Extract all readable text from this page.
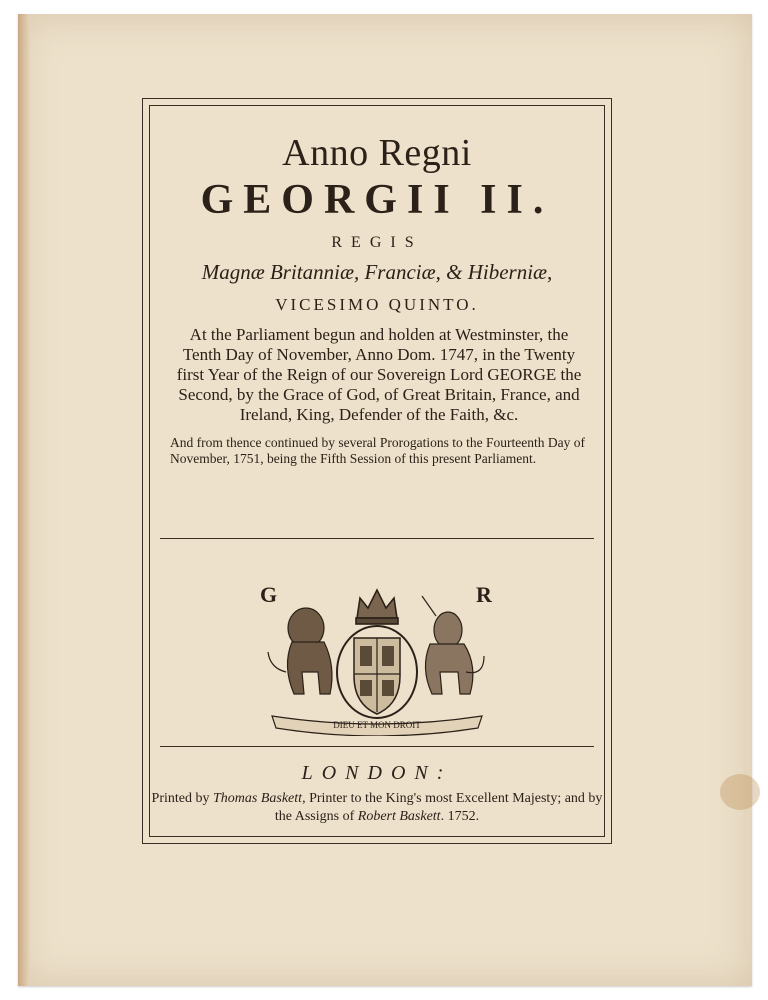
Anno Regni
GEORGII II.
REGIS
Magnæ Britanniæ, Franciæ, & Hiberniæ,
VICESIMO QUINTO.
At the Parliament begun and holden at Westminster, the Tenth Day of November, Anno Dom. 1747, in the Twenty first Year of the Reign of our Sovereign Lord GEORGE the Second, by the Grace of God, of Great Britain, France, and Ireland, King, Defender of the Faith, &c.
And from thence continued by several Prorogations to the Fourteenth Day of November, 1751, being the Fifth Session of this present Parliament.
G	R
DIEU ET MON DROIT
LONDON:
Printed by Thomas Baskett, Printer to the King's most Excellent Majesty; and by the Assigns of Robert Baskett. 1752.
